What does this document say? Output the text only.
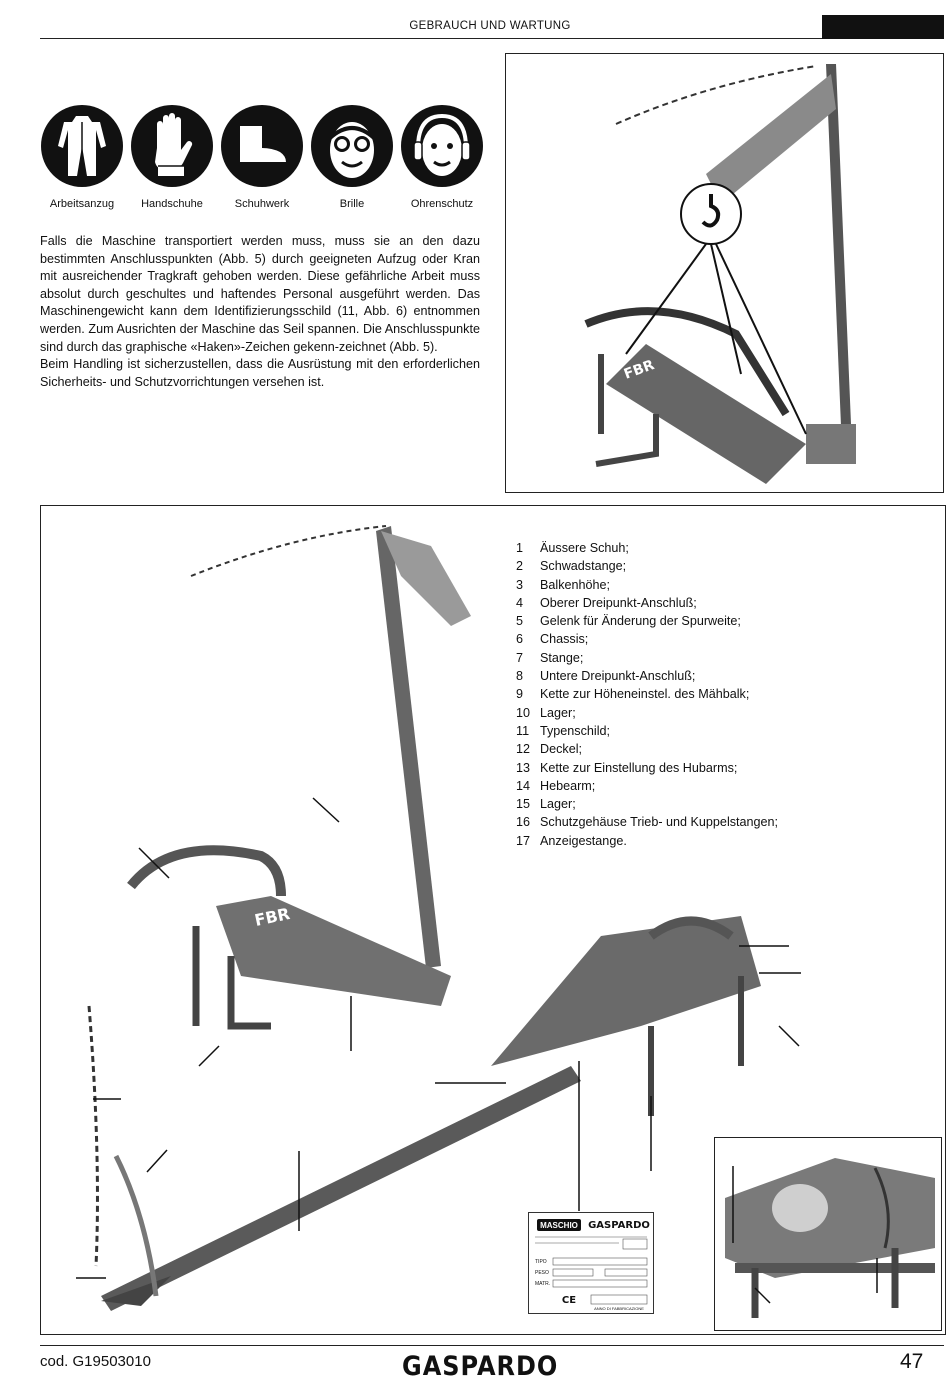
GEBRAUCH UND WARTUNG
Arbeitsanzug	Handschuhe	Schuhwerk	Brille	Ohrenschutz

Falls die Maschine transportiert werden muss, muss sie an den dazu bestimmten Anschlusspunkten (Abb. 5) durch geeigneten Aufzug oder Kran mit ausreichender Tragkraft gehoben werden. Diese gefährliche Arbeit muss absolut durch geschultes und haftendes Personal ausgeführt werden. Das Maschinengewicht kann dem Identifizierungsschild (11, Abb. 6) entnommen werden. Zum Ausrichten der Maschine das Seil spannen. Die Anschlusspunkte sind durch das graphische «Haken»-Zeichen gekenn-zeichnet (Abb. 5).

Beim Handling ist sicherzustellen, dass die Ausrüstung mit den erforderlichen Sicherheits- und Schutzvorrichtungen versehen ist.	FBR
FBR
1	Äussere Schuh;
2	Schwadstange;
3	Balkenhöhe;
4	Oberer Dreipunkt-Anschluß;
5	Gelenk für Änderung der Spurweite;
6	Chassis;
7	Stange;
8	Untere Dreipunkt-Anschluß;
9	Kette zur Höheneinstel. des Mähbalk;
10 Lager;
11 Typenschild;
12 Deckel;
13 Kette zur Einstellung des Hubarms;
14 Hebearm;
15 Lager;
16 Schutzgehäuse Trieb- und Kuppelstangen;
17 Anzeigestange.
MASCHIO GASPARDO
TIPO
PESO
MATR.
CE
ANNO DI FABBRICAZIONE
cod. G19503010	GASPARDO	47
